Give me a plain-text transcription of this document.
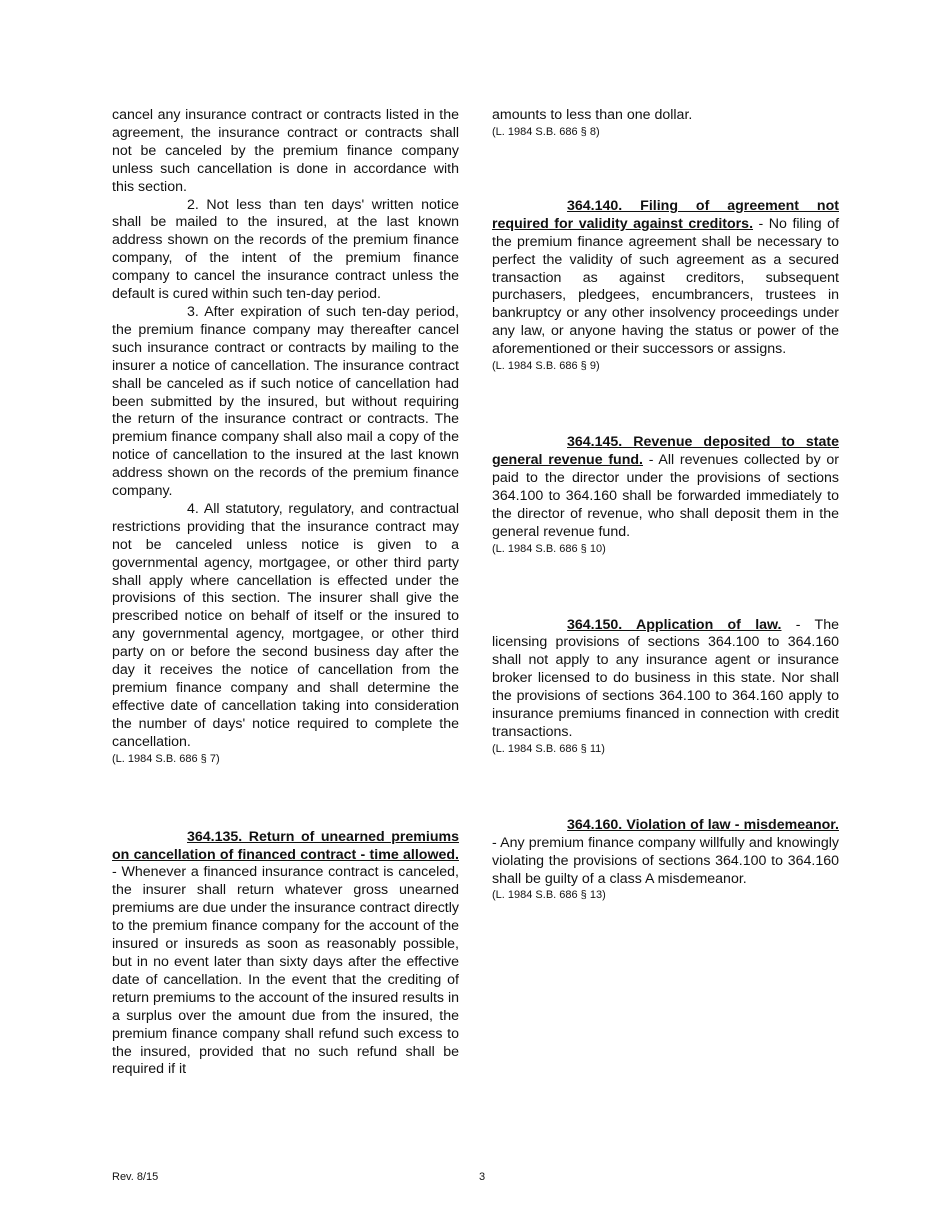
cancel any insurance contract or contracts listed in the agreement, the insurance contract or contracts shall not be canceled by the premium finance company unless such cancellation is done in accordance with this section.

2. Not less than ten days' written notice shall be mailed to the insured, at the last known address shown on the records of the premium finance company, of the intent of the premium finance company to cancel the insurance contract unless the default is cured within such ten-day period.

3. After expiration of such ten-day period, the premium finance company may thereafter cancel such insurance contract or contracts by mailing to the insurer a notice of cancellation. The insurance contract shall be canceled as if such notice of cancellation had been submitted by the insured, but without requiring the return of the insurance contract or contracts. The premium finance company shall also mail a copy of the notice of cancellation to the insured at the last known address shown on the records of the premium finance company.

4. All statutory, regulatory, and contractual restrictions providing that the insurance contract may not be canceled unless notice is given to a governmental agency, mortgagee, or other third party shall apply where cancellation is effected under the provisions of this section. The insurer shall give the prescribed notice on behalf of itself or the insured to any governmental agency, mortgagee, or other third party on or before the second business day after the day it receives the notice of cancellation from the premium finance company and shall determine the effective date of cancellation taking into consideration the number of days' notice required to complete the cancellation.

(L. 1984 S.B. 686 § 7)

364.135. Return of unearned premiums on cancellation of financed contract - time allowed. - Whenever a financed insurance contract is canceled, the insurer shall return whatever gross unearned premiums are due under the insurance contract directly to the premium finance company for the account of the insured or insureds as soon as reasonably possible, but in no event later than sixty days after the effective date of cancellation. In the event that the crediting of return premiums to the account of the insured results in a surplus over the amount due from the insured, the premium finance company shall refund such excess to the insured, provided that no such refund shall be required if it

amounts to less than one dollar.

(L. 1984 S.B. 686 § 8)

364.140. Filing of agreement not required for validity against creditors. - No filing of the premium finance agreement shall be necessary to perfect the validity of such agreement as a secured transaction as against creditors, subsequent purchasers, pledgees, encumbrancers, trustees in bankruptcy or any other insolvency proceedings under any law, or anyone having the status or power of the aforementioned or their successors or assigns.

(L. 1984 S.B. 686 § 9)

364.145. Revenue deposited to state general revenue fund. - All revenues collected by or paid to the director under the provisions of sections 364.100 to 364.160 shall be forwarded immediately to the director of revenue, who shall deposit them in the general revenue fund.

(L. 1984 S.B. 686 § 10)

364.150. Application of law. - The licensing provisions of sections 364.100 to 364.160 shall not apply to any insurance agent or insurance broker licensed to do business in this state. Nor shall the provisions of sections 364.100 to 364.160 apply to insurance premiums financed in connection with credit transactions.

(L. 1984 S.B. 686 § 11)

364.160. Violation of law - misdemeanor. - Any premium finance company willfully and knowingly violating the provisions of sections 364.100 to 364.160 shall be guilty of a class A misdemeanor.

(L. 1984 S.B. 686 § 13)

Rev. 8/15	3
